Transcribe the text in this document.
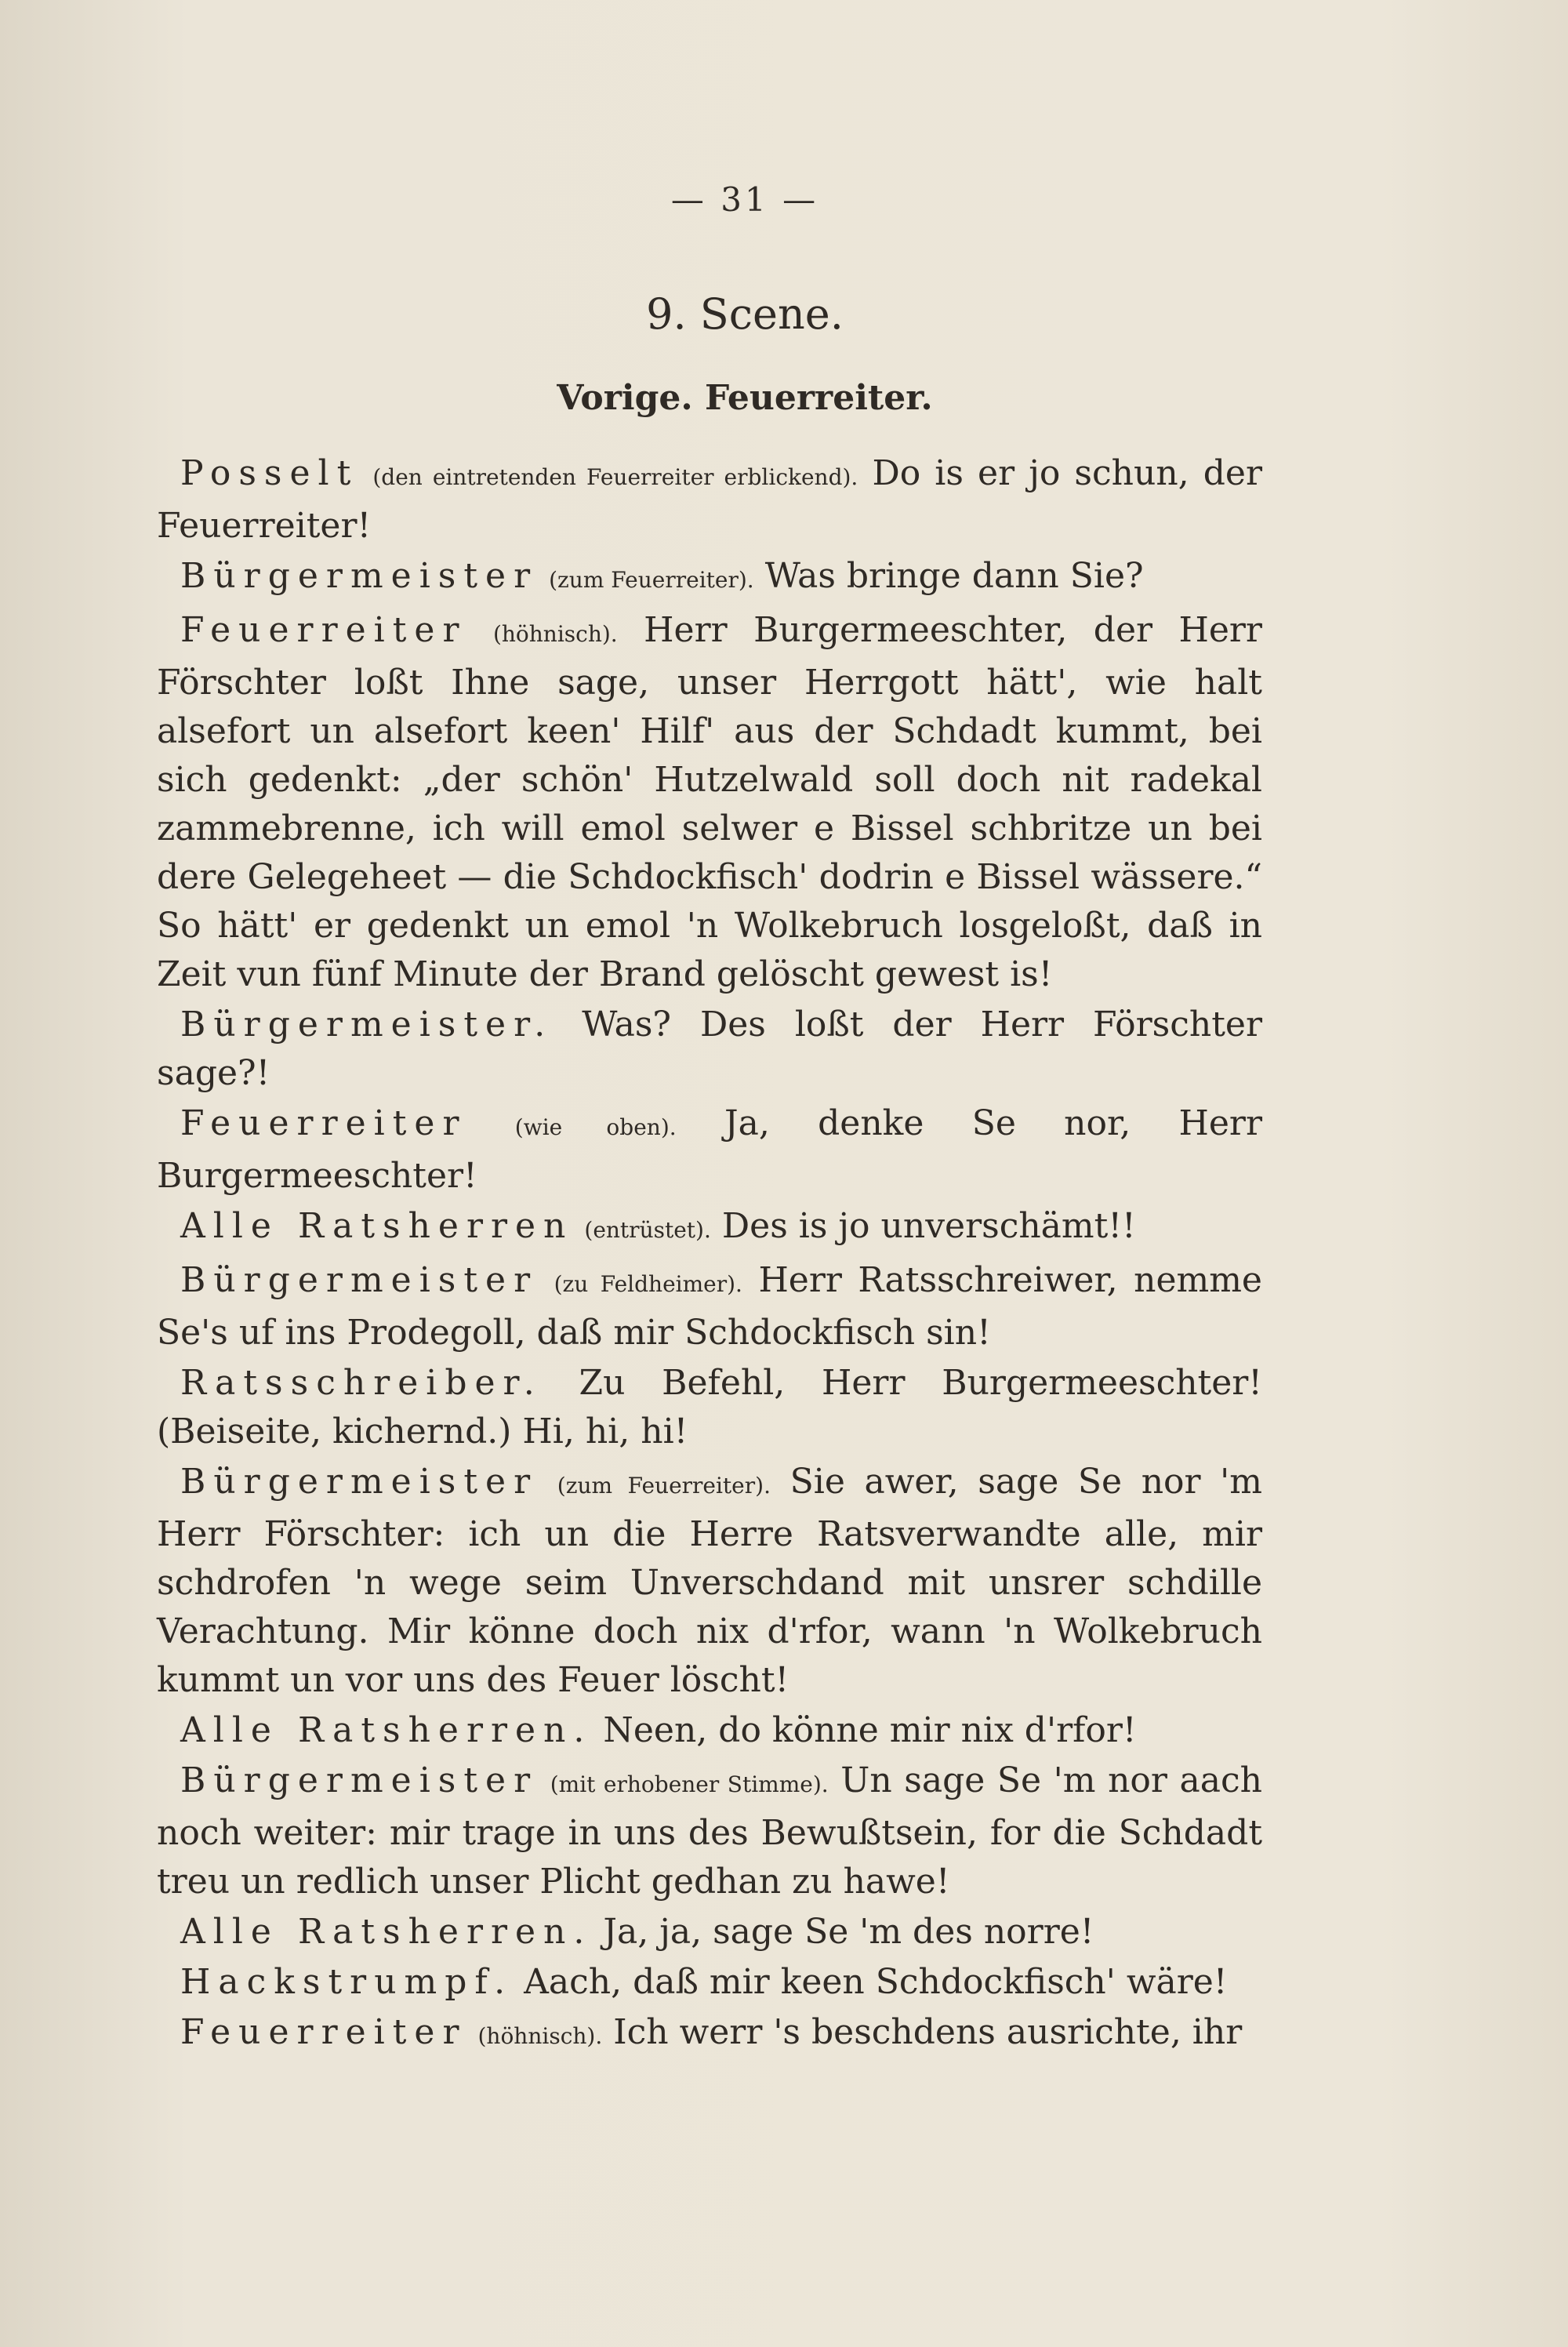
— 31 —
9. Scene.
Vorige. Feuerreiter.

Posselt (den eintretenden Feuerreiter erblickend). Do is er jo schun, der Feuerreiter!

Bürgermeister (zum Feuerreiter). Was bringe dann Sie?

Feuerreiter (höhnisch). Herr Burgermeeschter, der Herr Förschter loßt Ihne sage, unser Herrgott hätt', wie halt alsefort un alsefort keen' Hilf' aus der Schdadt kummt, bei sich gedenkt: „der schön' Hutzelwald soll doch nit radekal zammebrenne, ich will emol selwer e Bissel schbritze un bei dere Gelegeheet — die Schdockfisch' dodrin e Bissel wässere.“ So hätt' er gedenkt un emol 'n Wolkebruch losgeloßt, daß in Zeit vun fünf Minute der Brand gelöscht gewest is!

Bürgermeister. Was? Des loßt der Herr Förschter sage?!

Feuerreiter (wie oben). Ja, denke Se nor, Herr Burgermeeschter!

Alle Ratsherren (entrüstet). Des is jo unverschämt!!

Bürgermeister (zu Feldheimer). Herr Ratsschreiwer, nemme Se's uf ins Prodegoll, daß mir Schdockfisch sin!

Ratsschreiber. Zu Befehl, Herr Burgermeeschter! (Beiseite, kichernd.) Hi, hi, hi!

Bürgermeister (zum Feuerreiter). Sie awer, sage Se nor 'm Herr Förschter: ich un die Herre Ratsverwandte alle, mir schdrofen 'n wege seim Unverschdand mit unsrer schdille Verachtung. Mir könne doch nix d'rfor, wann 'n Wolkebruch kummt un vor uns des Feuer löscht!

Alle Ratsherren. Neen, do könne mir nix d'rfor!

Bürgermeister (mit erhobener Stimme). Un sage Se 'm nor aach noch weiter: mir trage in uns des Bewußtsein, for die Schdadt treu un redlich unser Plicht gedhan zu hawe!

Alle Ratsherren. Ja, ja, sage Se 'm des norre!

Hackstrumpf. Aach, daß mir keen Schdockfisch' wäre!

Feuerreiter (höhnisch). Ich werr 's beschdens ausrichte, ihr
